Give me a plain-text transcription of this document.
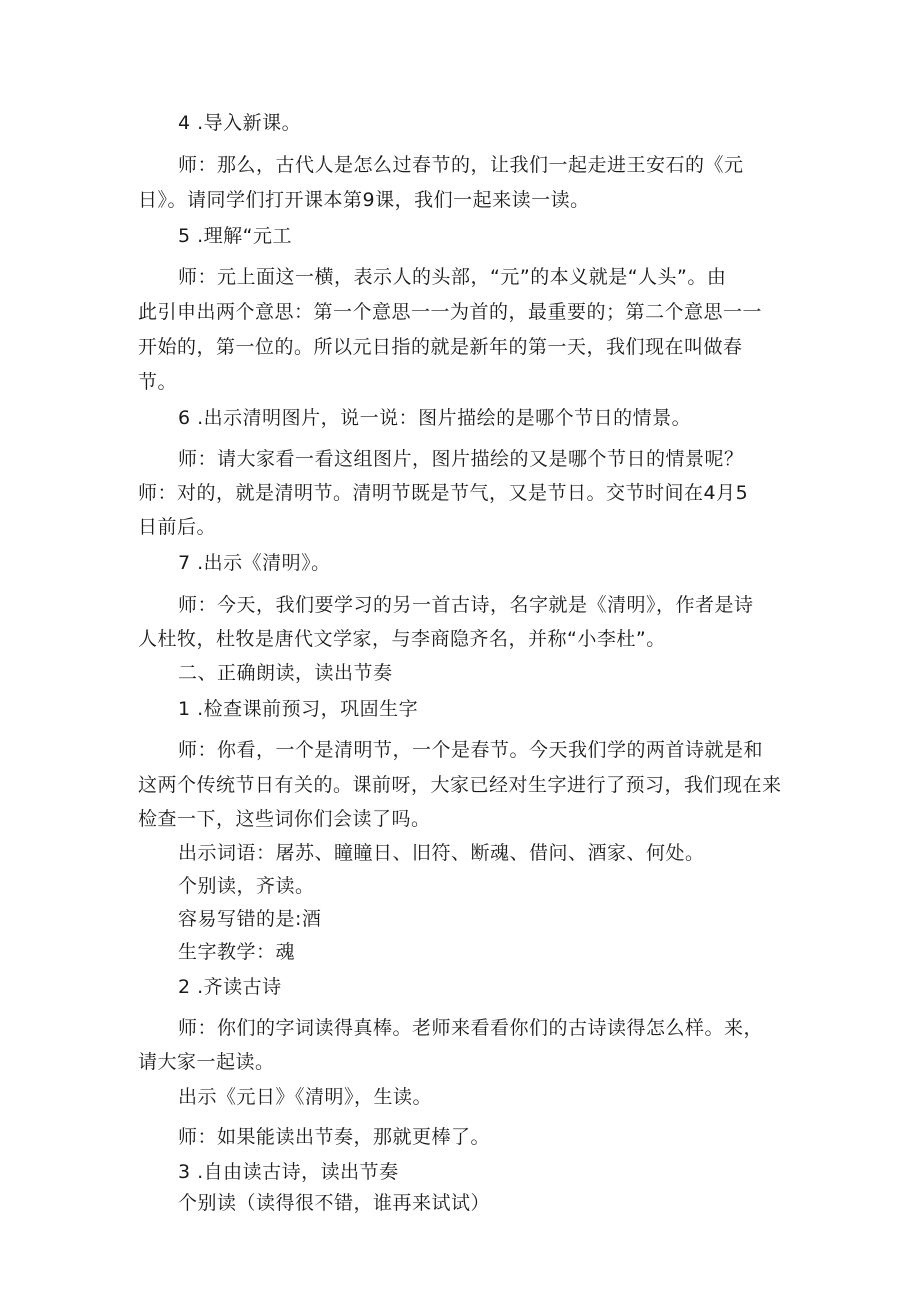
4 .导入新课。
师：那么，古代人是怎么过春节的，让我们一起走进王安石的《元
日》。请同学们打开课本第9课，我们一起来读一读。
5 .理解“元工
师：元上面这一横，表示人的头部，“元”的本义就是“人头”。由
此引申出两个意思：第一个意思一一为首的，最重要的；第二个意思一一
开始的，第一位的。所以元日指的就是新年的第一天，我们现在叫做春
节。
6 .出示清明图片，说一说：图片描绘的是哪个节日的情景。
师：请大家看一看这组图片，图片描绘的又是哪个节日的情景呢？
师：对的，就是清明节。清明节既是节气，又是节日。交节时间在4月5
日前后。
7 .出示《清明》。
师：今天，我们要学习的另一首古诗，名字就是《清明》，作者是诗
人杜牧，杜牧是唐代文学家，与李商隐齐名，并称“小李杜”。
二、正确朗读，读出节奏
1 .检查课前预习，巩固生字
师：你看，一个是清明节，一个是春节。今天我们学的两首诗就是和
这两个传统节日有关的。课前呀，大家已经对生字进行了预习，我们现在来
检查一下，这些词你们会读了吗。
出示词语：屠苏、瞳瞳日、旧符、断魂、借问、酒家、何处。
个别读，齐读。
容易写错的是:酒
生字教学：魂
2 .齐读古诗
师：你们的字词读得真棒。老师来看看你们的古诗读得怎么样。来，
请大家一起读。
出示《元日》《清明》，生读。
师：如果能读出节奏，那就更棒了。
3 .自由读古诗，读出节奏
个别读（读得很不错，谁再来试试）
